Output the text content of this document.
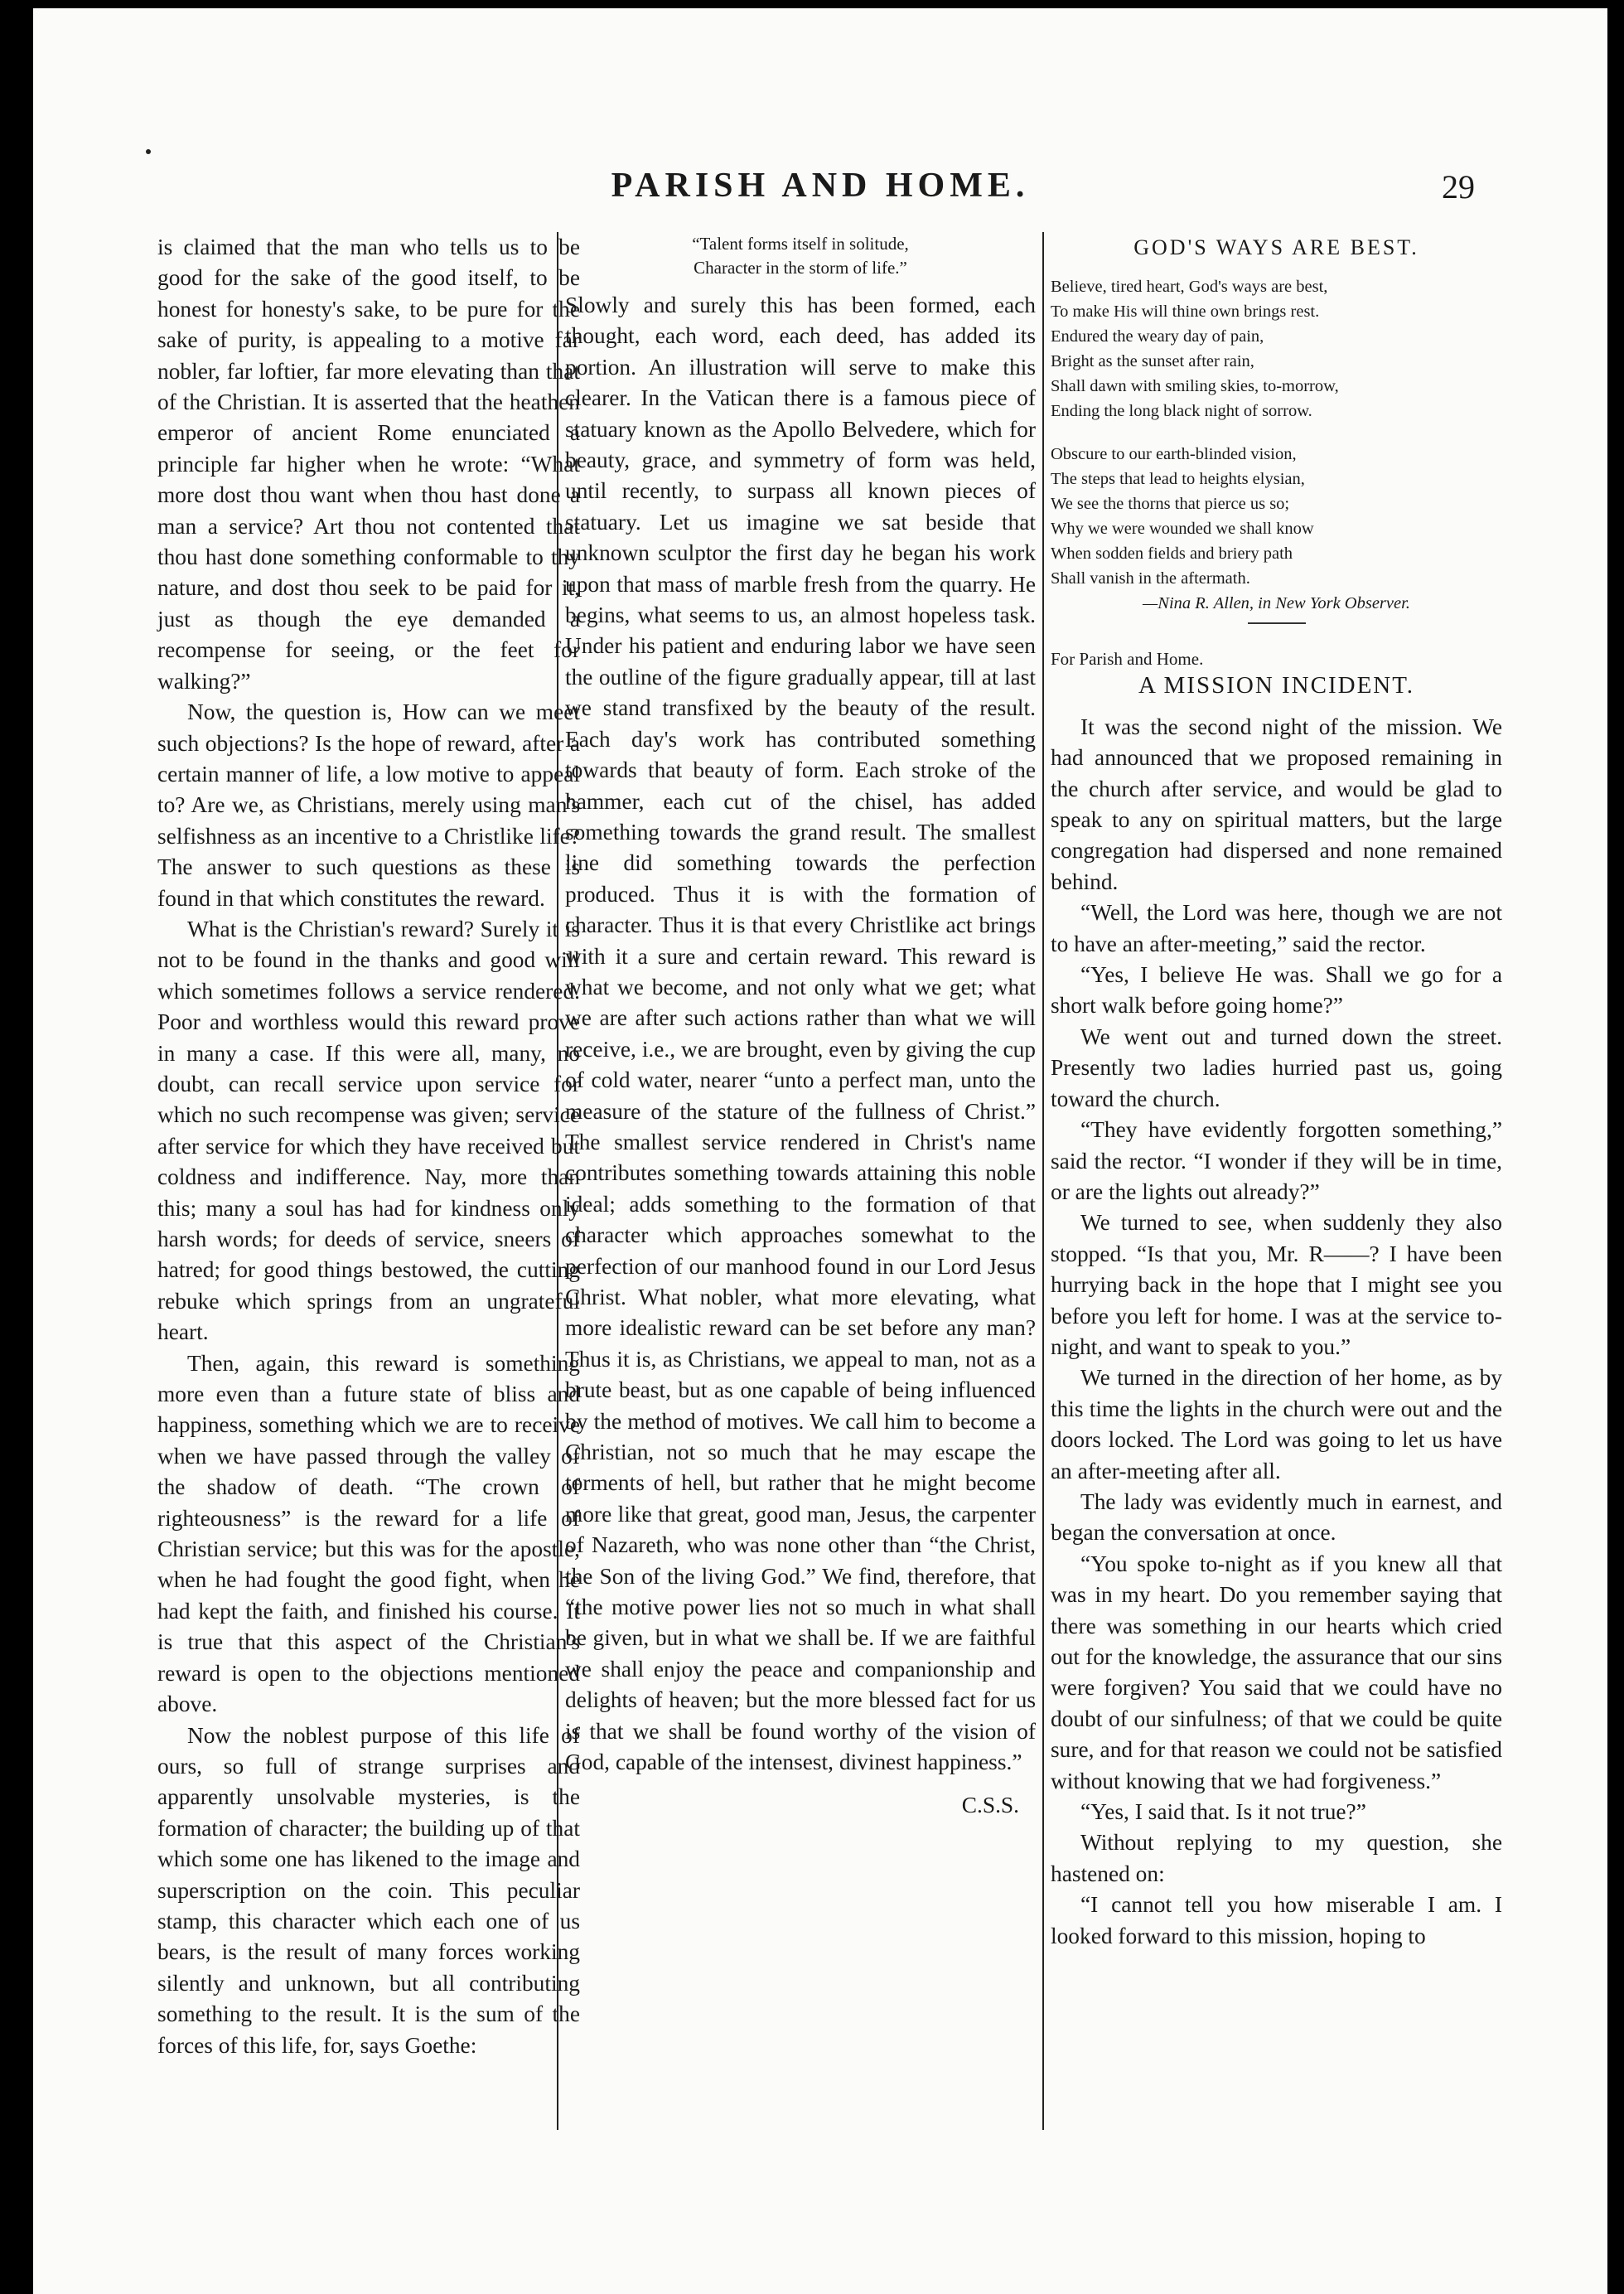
PARISH AND HOME.	29

is claimed that the man who tells us to be good for the sake of the good itself, to be honest for honesty's sake, to be pure for the sake of purity, is appealing to a motive far nobler, far loftier, far more elevating than that of the Christian. It is asserted that the heathen emperor of ancient Rome enunciated a principle far higher when he wrote: “What more dost thou want when thou hast done a man a service? Art thou not contented that thou hast done something conformable to thy nature, and dost thou seek to be paid for it, just as though the eye demanded a recompense for seeing, or the feet for walking?”

Now, the question is, How can we meet such objections? Is the hope of reward, after a certain manner of life, a low motive to appeal to? Are we, as Christians, merely using man's selfishness as an incentive to a Christlike life? The answer to such questions as these is found in that which constitutes the reward.

What is the Christian's reward? Surely it is not to be found in the thanks and good will which sometimes follows a service rendered. Poor and worthless would this reward prove in many a case. If this were all, many, no doubt, can recall service upon service for which no such recompense was given; service after service for which they have received but coldness and indifference. Nay, more than this; many a soul has had for kindness only harsh words; for deeds of service, sneers of hatred; for good things bestowed, the cutting rebuke which springs from an ungrateful heart.

Then, again, this reward is something more even than a future state of bliss and happiness, something which we are to receive when we have passed through the valley of the shadow of death. “The crown of righteousness” is the reward for a life of Christian service; but this was for the apostle, when he had fought the good fight, when he had kept the faith, and finished his course. It is true that this aspect of the Christian's reward is open to the objections mentioned above.

Now the noblest purpose of this life of ours, so full of strange surprises and apparently unsolvable mysteries, is the formation of character; the building up of that which some one has likened to the image and superscription on the coin. This peculiar stamp, this character which each one of us bears, is the result of many forces working silently and unknown, but all contributing something to the result. It is the sum of the forces of this life, for, says Goethe:

“Talent forms itself in solitude,
Character in the storm of life.”

Slowly and surely this has been formed, each thought, each word, each deed, has added its portion. An illustration will serve to make this clearer. In the Vatican there is a famous piece of statuary known as the Apollo Belvedere, which for beauty, grace, and symmetry of form was held, until recently, to surpass all known pieces of statuary. Let us imagine we sat beside that unknown sculptor the first day he began his work upon that mass of marble fresh from the quarry. He begins, what seems to us, an almost hopeless task. Under his patient and enduring labor we have seen the outline of the figure gradually appear, till at last we stand transfixed by the beauty of the result. Each day's work has contributed something towards that beauty of form. Each stroke of the hammer, each cut of the chisel, has added something towards the grand result. The smallest line did something towards the perfection produced. Thus it is with the formation of character. Thus it is that every Christlike act brings with it a sure and certain reward. This reward is what we become, and not only what we get; what we are after such actions rather than what we will receive, i.e., we are brought, even by giving the cup of cold water, nearer “unto a perfect man, unto the measure of the stature of the fullness of Christ.” The smallest service rendered in Christ's name contributes something towards attaining this noble ideal; adds something to the formation of that character which approaches somewhat to the perfection of our manhood found in our Lord Jesus Christ. What nobler, what more elevating, what more idealistic reward can be set before any man? Thus it is, as Christians, we appeal to man, not as a brute beast, but as one capable of being influenced by the method of motives. We call him to become a Christian, not so much that he may escape the torments of hell, but rather that he might become more like that great, good man, Jesus, the carpenter of Nazareth, who was none other than “the Christ, the Son of the living God.” We find, therefore, that “the motive power lies not so much in what shall be given, but in what we shall be. If we are faithful we shall enjoy the peace and companionship and delights of heaven; but the more blessed fact for us is that we shall be found worthy of the vision of God, capable of the intensest, divinest happiness.”

C.S.S.
GOD'S WAYS ARE BEST.
Believe, tired heart, God's ways are best,
To make His will thine own brings rest.
Endured the weary day of pain,
Bright as the sunset after rain,
Shall dawn with smiling skies, to-morrow,
Ending the long black night of sorrow.
Obscure to our earth-blinded vision,
The steps that lead to heights elysian,
We see the thorns that pierce us so;
Why we were wounded we shall know
When sodden fields and briery path
Shall vanish in the aftermath.
—Nina R. Allen, in New York Observer.
For Parish and Home.
A MISSION INCIDENT.

It was the second night of the mission. We had announced that we proposed remaining in the church after service, and would be glad to speak to any on spiritual matters, but the large congregation had dispersed and none remained behind.

“Well, the Lord was here, though we are not to have an after-meeting,” said the rector.

“Yes, I believe He was. Shall we go for a short walk before going home?”

We went out and turned down the street. Presently two ladies hurried past us, going toward the church.

“They have evidently forgotten something,” said the rector. “I wonder if they will be in time, or are the lights out already?”

We turned to see, when suddenly they also stopped. “Is that you, Mr. R——? I have been hurrying back in the hope that I might see you before you left for home. I was at the service to-night, and want to speak to you.”

We turned in the direction of her home, as by this time the lights in the church were out and the doors locked. The Lord was going to let us have an after-meeting after all.

The lady was evidently much in earnest, and began the conversation at once.

“You spoke to-night as if you knew all that was in my heart. Do you remember saying that there was something in our hearts which cried out for the knowledge, the assurance that our sins were forgiven? You said that we could have no doubt of our sinfulness; of that we could be quite sure, and for that reason we could not be satisfied without knowing that we had forgiveness.”

“Yes, I said that. Is it not true?”

Without replying to my question, she hastened on:

“I cannot tell you how miserable I am. I looked forward to this mission, hoping to
